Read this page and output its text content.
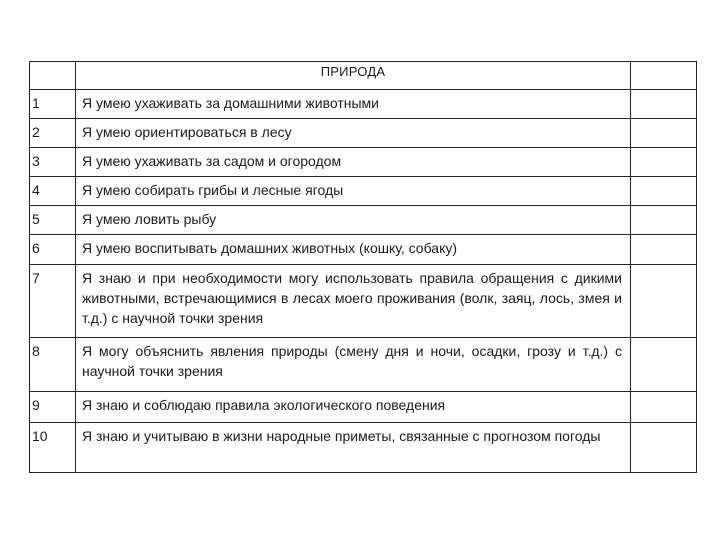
	ПРИРОДА	
1	Я умею ухаживать за домашними животными	
2	Я умею ориентироваться в лесу	
3	Я умею ухаживать за садом и огородом	
4	Я умею собирать грибы и лесные ягоды	
5	Я умею ловить рыбу	
6	Я умею воспитывать домашних животных (кошку, собаку)	
7	Я знаю и при необходимости могу использовать правила обращения с дикими животными, встречающимися в лесах моего проживания (волк, заяц, лось, змея и т.д.) с научной точки зрения	
8	Я могу объяснить явления природы (смену дня и ночи, осадки, грозу и т.д.) с научной точки зрения	
9	Я знаю и соблюдаю правила экологического поведения	
10	Я знаю и учитываю в жизни народные приметы, связанные с прогнозом погоды	
